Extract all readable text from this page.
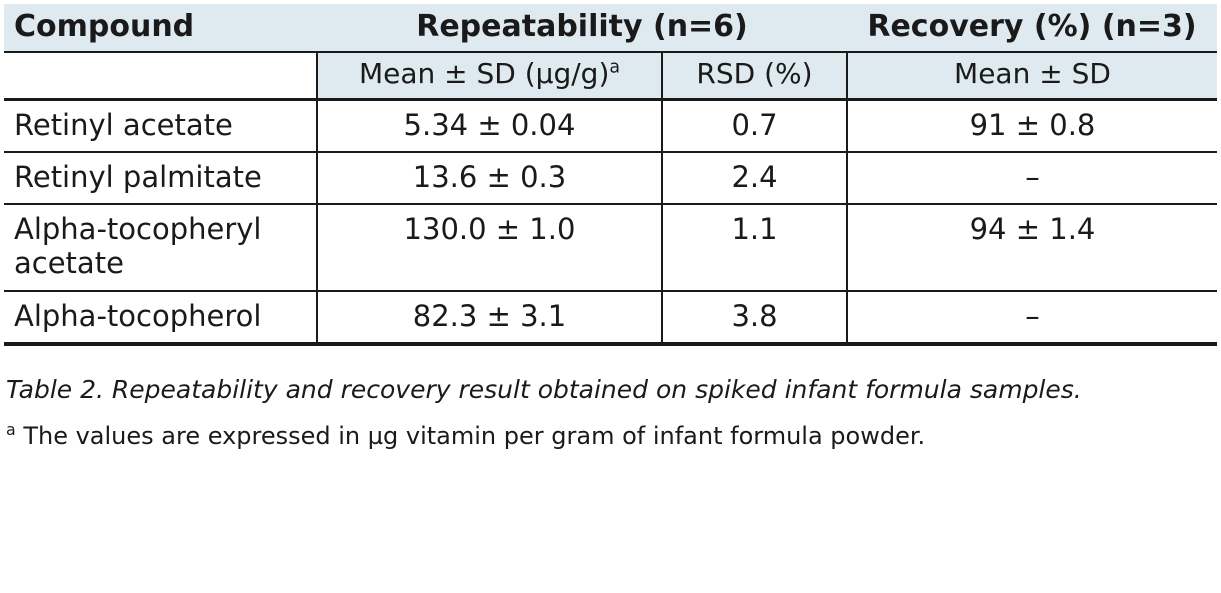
Compound	Repeatability (n=6)		Recovery (%) (n=3)
	Mean ± SD $(\mu g/g)^a$	RSD (%)	Mean ± SD
Retinyl acetate	5.34 ± 0.04	0.7	91 ± 0.8
Retinyl palmitate	13.6 ± 0.3	2.4	–
Alpha-tocopheryl acetate	130.0 ± 1.0	1.1	94 ± 1.4
Alpha-tocopherol	82.3 ± 3.1	3.8	–
Table 2. Repeatability and recovery result obtained on spiked infant formula samples.
$^a$ The values are expressed in µg vitamin per gram of infant formula powder.
